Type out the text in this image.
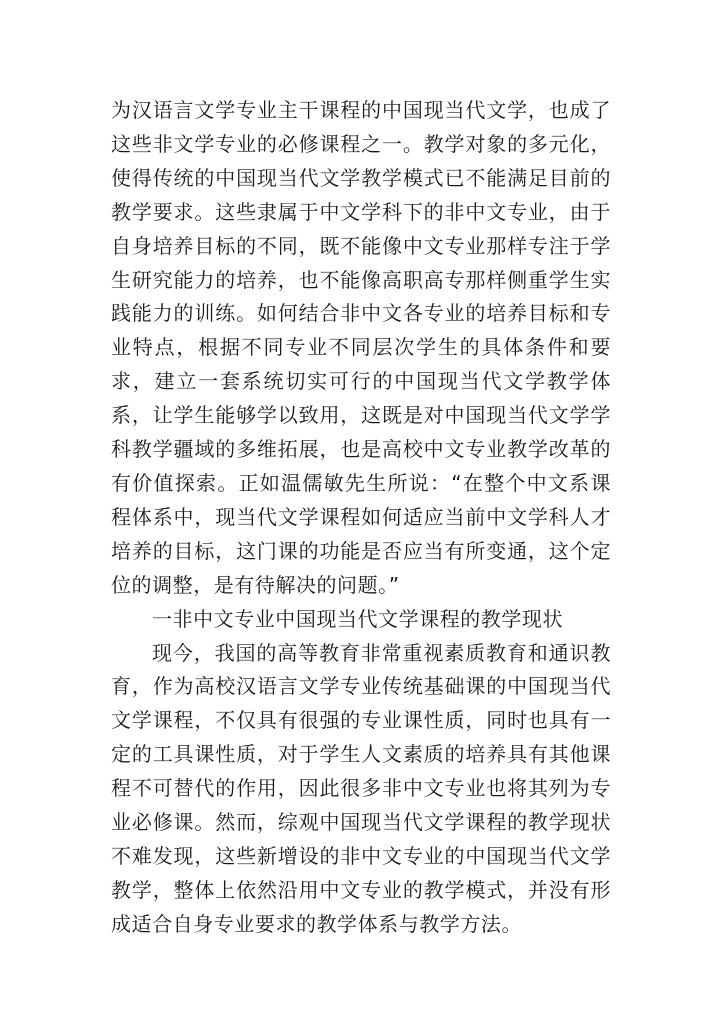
为汉语言文学专业主干课程的中国现当代文学，也成了这些非文学专业的必修课程之一。教学对象的多元化，使得传统的中国现当代文学教学模式已不能满足目前的教学要求。这些隶属于中文学科下的非中文专业，由于自身培养目标的不同，既不能像中文专业那样专注于学生研究能力的培养，也不能像高职高专那样侧重学生实践能力的训练。如何结合非中文各专业的培养目标和专业特点，根据不同专业不同层次学生的具体条件和要求，建立一套系统切实可行的中国现当代文学教学体系，让学生能够学以致用，这既是对中国现当代文学学科教学疆域的多维拓展，也是高校中文专业教学改革的有价值探索。正如温儒敏先生所说：“在整个中文系课程体系中，现当代文学课程如何适应当前中文学科人才培养的目标，这门课的功能是否应当有所变通，这个定位的调整，是有待解决的问题。”

一非中文专业中国现当代文学课程的教学现状

现今，我国的高等教育非常重视素质教育和通识教育，作为高校汉语言文学专业传统基础课的中国现当代文学课程，不仅具有很强的专业课性质，同时也具有一定的工具课性质，对于学生人文素质的培养具有其他课程不可替代的作用，因此很多非中文专业也将其列为专业必修课。然而，综观中国现当代文学课程的教学现状不难发现，这些新增设的非中文专业的中国现当代文学教学，整体上依然沿用中文专业的教学模式，并没有形成适合自身专业要求的教学体系与教学方法。
